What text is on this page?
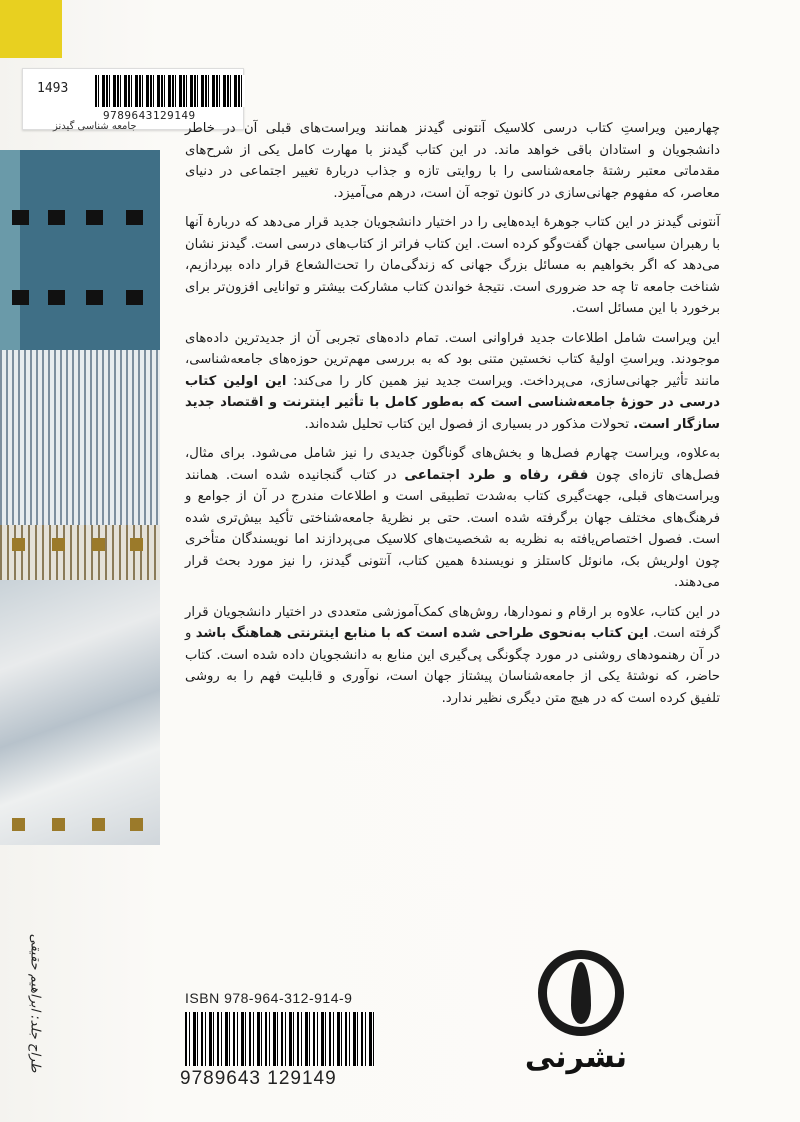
1493
9789643129149
جامعه شناسی گیدنز	چهارمین ویراستِ کتاب درسی کلاسیک آنتونی گیدنز همانند ویراست‌های قبلی آن در خاطر دانشجویان و استادان باقی خواهد ماند. در این کتاب گیدنز با مهارت کامل یکی از شرح‌های مقدماتی معتبر رشتهٔ جامعه‌شناسی را با روایتی تازه و جذاب دربارهٔ تغییر اجتماعی در دنیای معاصر، که مفهوم جهانی‌سازی در کانون توجه آن است، درهم می‌آمیزد.

آنتونی گیدنز در این کتاب جوهرهٔ ایده‌هایی را در اختیار دانشجویان جدید قرار می‌دهد که دربارهٔ آنها با رهبران سیاسی جهان گفت‌وگو کرده است. این کتاب فراتر از کتاب‌های درسی است. گیدنز نشان می‌دهد که اگر بخواهیم به مسائل بزرگ جهانی که زندگی‌مان را تحت‌الشعاع قرار داده بپردازیم، شناخت جامعه تا چه حد ضروری است. نتیجهٔ خواندن کتاب مشارکت بیشتر و توانایی افزون‌تر برای برخورد با این مسائل است.

این ویراست شامل اطلاعات جدید فراوانی است. تمام داده‌های تجربی آن از جدیدترین داده‌های موجودند. ویراستِ اولیهٔ کتاب نخستین متنی بود که به بررسی مهم‌ترین حوزه‌های جامعه‌شناسی، مانند تأثیر جهانی‌سازی، می‌پرداخت. ویراست جدید نیز همین کار را می‌کند: این اولین کتاب درسی در حوزهٔ جامعه‌شناسی است که به‌طور کامل با تأثیر اینترنت و اقتصاد جدید سازگار است. تحولات مذکور در بسیاری از فصول این کتاب تحلیل شده‌اند.

به‌علاوه، ویراست چهارم فصل‌ها و بخش‌های گوناگون جدیدی را نیز شامل می‌شود. برای مثال، فصل‌های تازه‌ای چون فقر، رفاه و طرد اجتماعی در کتاب گنجانیده شده است. همانند ویراست‌های قبلی، جهت‌گیری کتاب به‌شدت تطبیقی است و اطلاعات مندرج در آن از جوامع و فرهنگ‌های مختلف جهان برگرفته شده است. حتی بر نظریهٔ جامعه‌شناختی تأکید بیش‌تری شده است. فصول اختصاص‌یافته به نظریه به شخصیت‌های کلاسیک می‌پردازند اما نویسندگان متأخری چون اولریش بک، مانوئل کاستلز و نویسندهٔ همین کتاب، آنتونی گیدنز، را نیز مورد بحث قرار می‌دهند.

در این کتاب، علاوه بر ارقام و نمودارها، روش‌های کمک‌آموزشی متعددی در اختیار دانشجویان قرار گرفته است. این کتاب به‌نحوی طراحی شده است که با منابع اینترنتی هماهنگ باشد و در آن رهنمودهای روشنی در مورد چگونگی پی‌گیری این منابع به دانشجویان داده شده است. کتاب حاضر، که نوشتهٔ یکی از جامعه‌شناسان پیشتاز جهان است، نوآوری و قابلیت فهم را به روشی تلفیق کرده است که در هیچ متن دیگری نظیر ندارد.

ISBN 978-964-312-914-9
9789643 129149
نشرنی
طراح جلد: ابراهیم حقیقی
